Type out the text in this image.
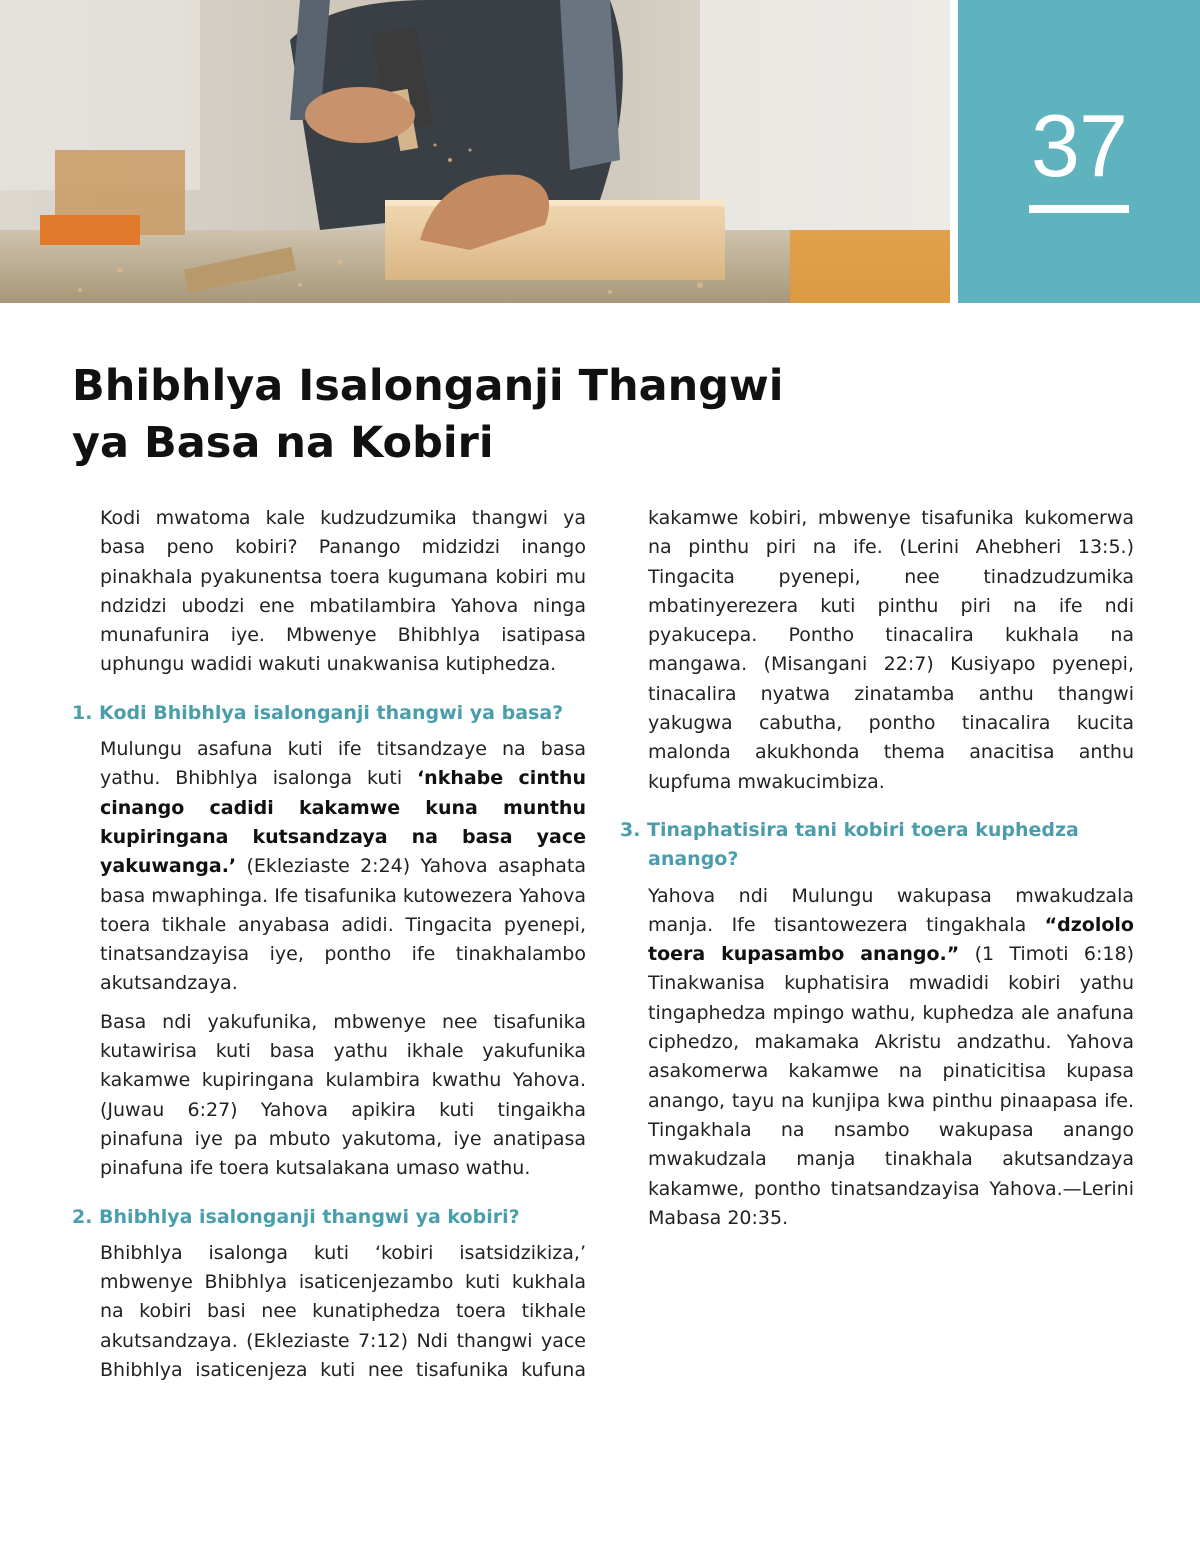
37
Bhibhlya Isalonganji Thangwi
ya Basa na Kobiri

Kodi mwatoma kale kudzudzumika thangwi ya basa peno kobiri? Panango midzidzi inango pinakhala pyakunentsa toera kugumana kobiri mu ndzidzi ubodzi ene mbatilambira Yahova ninga munafunira iye. Mbwenye Bhibhlya isatipasa uphungu wadidi wakuti unakwanisa kutiphedza.

1. Kodi Bhibhlya isalonganji thangwi ya basa?

Mulungu asafuna kuti ife titsandzaye na basa yathu. Bhibhlya isalonga kuti ‘nkhabe cinthu cinango cadidi kakamwe kuna munthu kupiringana kutsandzaya na basa yace yakuwanga.’ (Ekleziaste 2:24) Yahova asaphata basa mwaphinga. Ife tisafunika kutowezera Yahova toera tikhale anyabasa adidi. Tingacita pyenepi, tinatsandzayisa iye, pontho ife tinakhalambo akutsandzaya.

Basa ndi yakufunika, mbwenye nee tisafunika kutawirisa kuti basa yathu ikhale yakufunika kakamwe kupiringana kulambira kwathu Yahova. (Juwau 6:27) Yahova apikira kuti tingaikha pinafuna iye pa mbuto yakutoma, iye anatipasa pinafuna ife toera kutsalakana umaso wathu.

2. Bhibhlya isalonganji thangwi ya kobiri?

Bhibhlya isalonga kuti ‘kobiri isatsidzikiza,’ mbwenye Bhibhlya isaticenjezambo kuti kukhala na kobiri basi nee kunatiphedza toera tikhale akutsandzaya. (Ekleziaste 7:12) Ndi thangwi yace Bhibhlya isaticenjeza kuti nee tisafunika kufuna

kakamwe kobiri, mbwenye tisafunika kukomerwa na pinthu piri na ife. (Lerini Ahebheri 13:5.) Tingacita pyenepi, nee tinadzudzumika mbatinyerezera kuti pinthu piri na ife ndi pyakucepa. Pontho tinacalira kukhala na mangawa. (Misangani 22:7) Kusiyapo pyenepi, tinacalira nyatwa zinatamba anthu thangwi yakugwa cabutha, pontho tinacalira kucita malonda akukhonda thema anacitisa anthu kupfuma mwakucimbiza.

3. Tinaphatisira tani kobiri toera kuphedza anango?

Yahova ndi Mulungu wakupasa mwakudzala manja. Ife tisantowezera tingakhala “dzololo toera kupasambo anango.” (1 Timoti 6:18) Tinakwanisa kuphatisira mwadidi kobiri yathu tingaphedza mpingo wathu, kuphedza ale anafuna ciphedzo, makamaka Akristu andzathu. Yahova asakomerwa kakamwe na pinaticitisa kupasa anango, tayu na kunjipa kwa pinthu pinaapasa ife. Tingakhala na nsambo wakupasa anango mwakudzala manja tinakhala akutsandzaya kakamwe, pontho tinatsandzayisa Yahova.—Lerini Mabasa 20:35.
